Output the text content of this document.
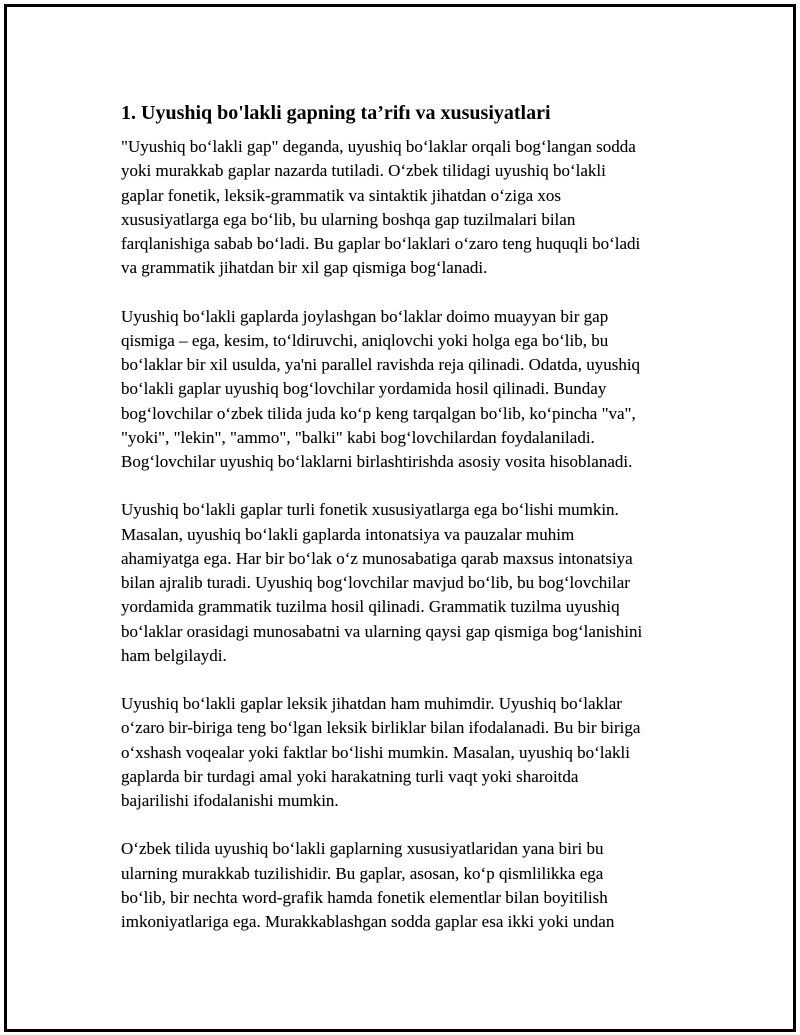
1. Uyushiq bo'lakli gapning ta’rifı va xususiyatlari

"Uyushiq bo‘lakli gap" deganda, uyushiq bo‘laklar orqali bog‘langan sodda
yoki murakkab gaplar nazarda tutiladi. O‘zbek tilidagi uyushiq bo‘lakli
gaplar fonetik, leksik-grammatik va sintaktik jihatdan o‘ziga xos
xususiyatlarga ega bo‘lib, bu ularning boshqa gap tuzilmalari bilan
farqlanishiga sabab bo‘ladi. Bu gaplar bo‘laklari o‘zaro teng huquqli bo‘ladi
va grammatik jihatdan bir xil gap qismiga bog‘lanadi.

Uyushiq bo‘lakli gaplarda joylashgan bo‘laklar doimo muayyan bir gap
qismiga – ega, kesim, to‘ldiruvchi, aniqlovchi yoki holga ega bo‘lib, bu
bo‘laklar bir xil usulda, ya'ni parallel ravishda reja qilinadi. Odatda, uyushiq
bo‘lakli gaplar uyushiq bog‘lovchilar yordamida hosil qilinadi. Bunday
bog‘lovchilar o‘zbek tilida juda ko‘p keng tarqalgan bo‘lib, ko‘pincha "va",
"yoki", "lekin", "ammo", "balki" kabi bog‘lovchilardan foydalaniladi.
Bog‘lovchilar uyushiq bo‘laklarni birlashtirishda asosiy vosita hisoblanadi.

Uyushiq bo‘lakli gaplar turli fonetik xususiyatlarga ega bo‘lishi mumkin.
Masalan, uyushiq bo‘lakli gaplarda intonatsiya va pauzalar muhim
ahamiyatga ega. Har bir bo‘lak o‘z munosabatiga qarab maxsus intonatsiya
bilan ajralib turadi. Uyushiq bog‘lovchilar mavjud bo‘lib, bu bog‘lovchilar
yordamida grammatik tuzilma hosil qilinadi. Grammatik tuzilma uyushiq
bo‘laklar orasidagi munosabatni va ularning qaysi gap qismiga bog‘lanishini
ham belgilaydi.

Uyushiq bo‘lakli gaplar leksik jihatdan ham muhimdir. Uyushiq bo‘laklar
o‘zaro bir-biriga teng bo‘lgan leksik birliklar bilan ifodalanadi. Bu bir biriga
o‘xshash voqealar yoki faktlar bo‘lishi mumkin. Masalan, uyushiq bo‘lakli
gaplarda bir turdagi amal yoki harakatning turli vaqt yoki sharoitda
bajarilishi ifodalanishi mumkin.

O‘zbek tilida uyushiq bo‘lakli gaplarning xususiyatlaridan yana biri bu
ularning murakkab tuzilishidir. Bu gaplar, asosan, ko‘p qismlilikka ega
bo‘lib, bir nechta word-grafik hamda fonetik elementlar bilan boyitilish
imkoniyatlariga ega. Murakkablashgan sodda gaplar esa ikki yoki undan
